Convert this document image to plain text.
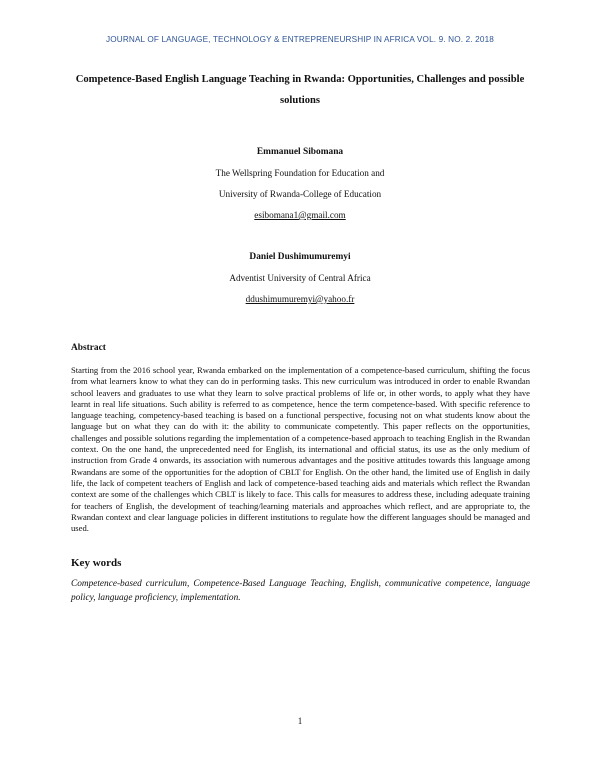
JOURNAL OF LANGUAGE, TECHNOLOGY & ENTREPRENEURSHIP IN AFRICA VOL. 9. NO. 2. 2018
Competence-Based English Language Teaching in Rwanda: Opportunities, Challenges and possible solutions
Emmanuel Sibomana
The Wellspring Foundation for Education and
University of Rwanda-College of Education
esibomana1@gmail.com
Daniel Dushimumuremyi
Adventist University of Central Africa
ddushimumuremyi@yahoo.fr
Abstract
Starting from the 2016 school year, Rwanda embarked on the implementation of a competence-based curriculum, shifting the focus from what learners know to what they can do in performing tasks. This new curriculum was introduced in order to enable Rwandan school leavers and graduates to use what they learn to solve practical problems of life or, in other words, to apply what they have learnt in real life situations. Such ability is referred to as competence, hence the term competence-based. With specific reference to language teaching, competency-based teaching is based on a functional perspective, focusing not on what students know about the language but on what they can do with it: the ability to communicate competently. This paper reflects on the opportunities, challenges and possible solutions regarding the implementation of a competence-based approach to teaching English in the Rwandan context. On the one hand, the unprecedented need for English, its international and official status, its use as the only medium of instruction from Grade 4 onwards, its association with numerous advantages and the positive attitudes towards this language among Rwandans are some of the opportunities for the adoption of CBLT for English. On the other hand, the limited use of English in daily life, the lack of competent teachers of English and lack of competence-based teaching aids and materials which reflect the Rwandan context are some of the challenges which CBLT is likely to face. This calls for measures to address these, including adequate training for teachers of English, the development of teaching/learning materials and approaches which reflect, and are appropriate to, the Rwandan context and clear language policies in different institutions to regulate how the different languages should be managed and used.
Key words
Competence-based curriculum, Competence-Based Language Teaching, English, communicative competence, language policy, language proficiency, implementation.
1
